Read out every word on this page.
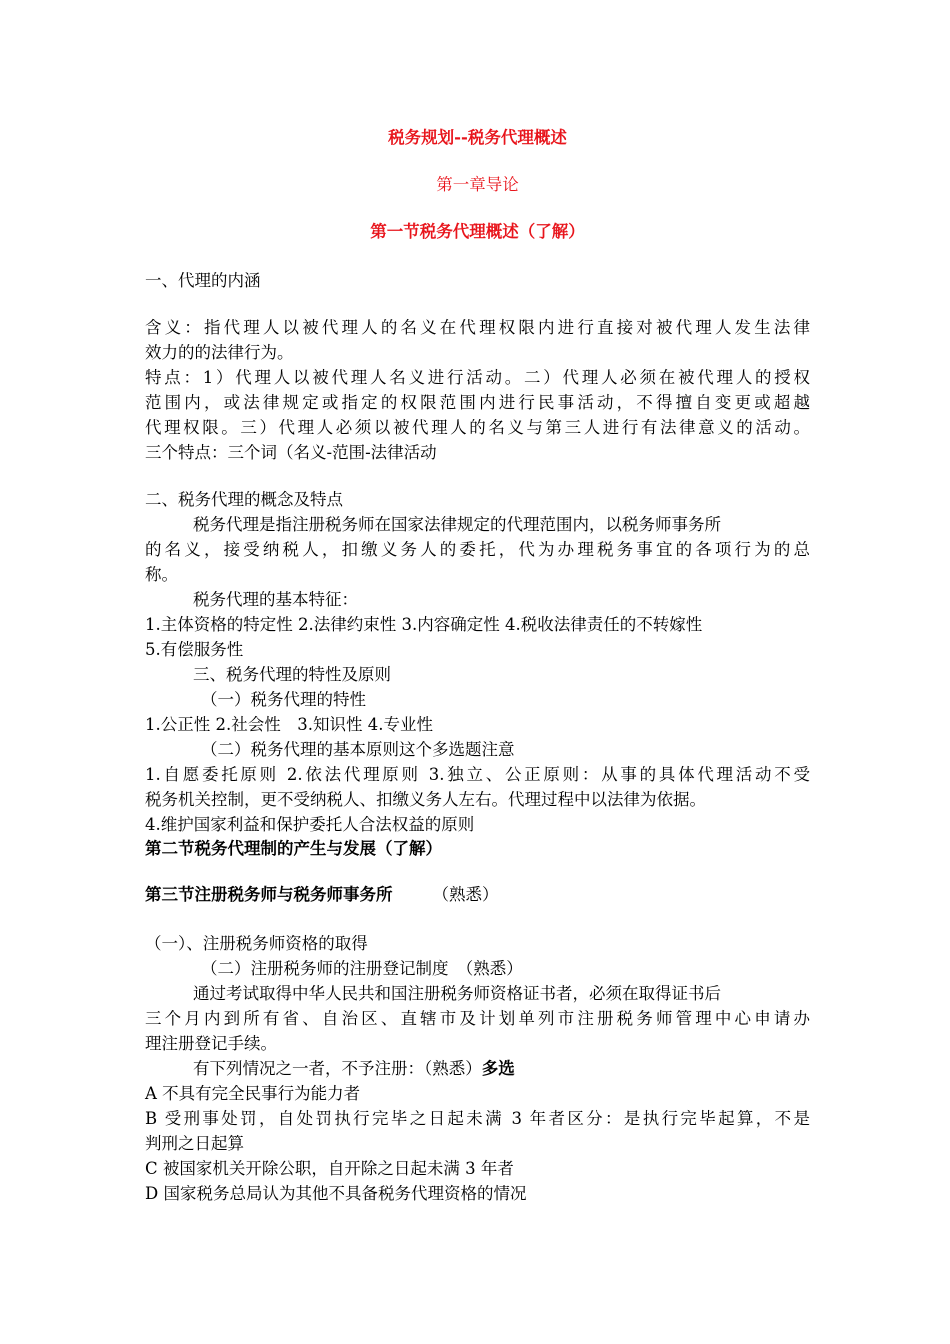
税务规划--税务代理概述
第一章导论
第一节税务代理概述（了解）
一、代理的内涵
含义：指代理人以被代理人的名义在代理权限内进行直接对被代理人发生法律
效力的的法律行为。
特点：1）代理人以被代理人名义进行活动。二）代理人必须在被代理人的授权
范围内，或法律规定或指定的权限范围内进行民事活动，不得擅自变更或超越
代理权限。三）代理人必须以被代理人的名义与第三人进行有法律意义的活动。
三个特点：三个词（名义-范围-法律活动
二、税务代理的概念及特点
税务代理是指注册税务师在国家法律规定的代理范围内，以税务师事务所
的名义，接受纳税人，扣缴义务人的委托，代为办理税务事宜的各项行为的总
称。
税务代理的基本特征：
1.主体资格的特定性 2.法律约束性 3.内容确定性 4.税收法律责任的不转嫁性
5.有偿服务性
三、税务代理的特性及原则
（一）税务代理的特性
1.公正性 2.社会性　3.知识性 4.专业性
（二）税务代理的基本原则这个多选题注意
1.自愿委托原则 2.依法代理原则 3.独立、公正原则：从事的具体代理活动不受
税务机关控制，更不受纳税人、扣缴义务人左右。代理过程中以法律为依据。
4.维护国家利益和保护委托人合法权益的原则
第二节税务代理制的产生与发展（了解）
第三节注册税务师与税务师事务所 （熟悉）
（一）、注册税务师资格的取得
（二）注册税务师的注册登记制度　（熟悉）
通过考试取得中华人民共和国注册税务师资格证书者，必须在取得证书后
三个月内到所有省、自治区、直辖市及计划单列市注册税务师管理中心申请办
理注册登记手续。
有下列情况之一者，不予注册：（熟悉）多选
A 不具有完全民事行为能力者
B 受刑事处罚，自处罚执行完毕之日起未满 3 年者区分：是执行完毕起算，不是
判刑之日起算
C 被国家机关开除公职，自开除之日起未满 3 年者
D 国家税务总局认为其他不具备税务代理资格的情况
